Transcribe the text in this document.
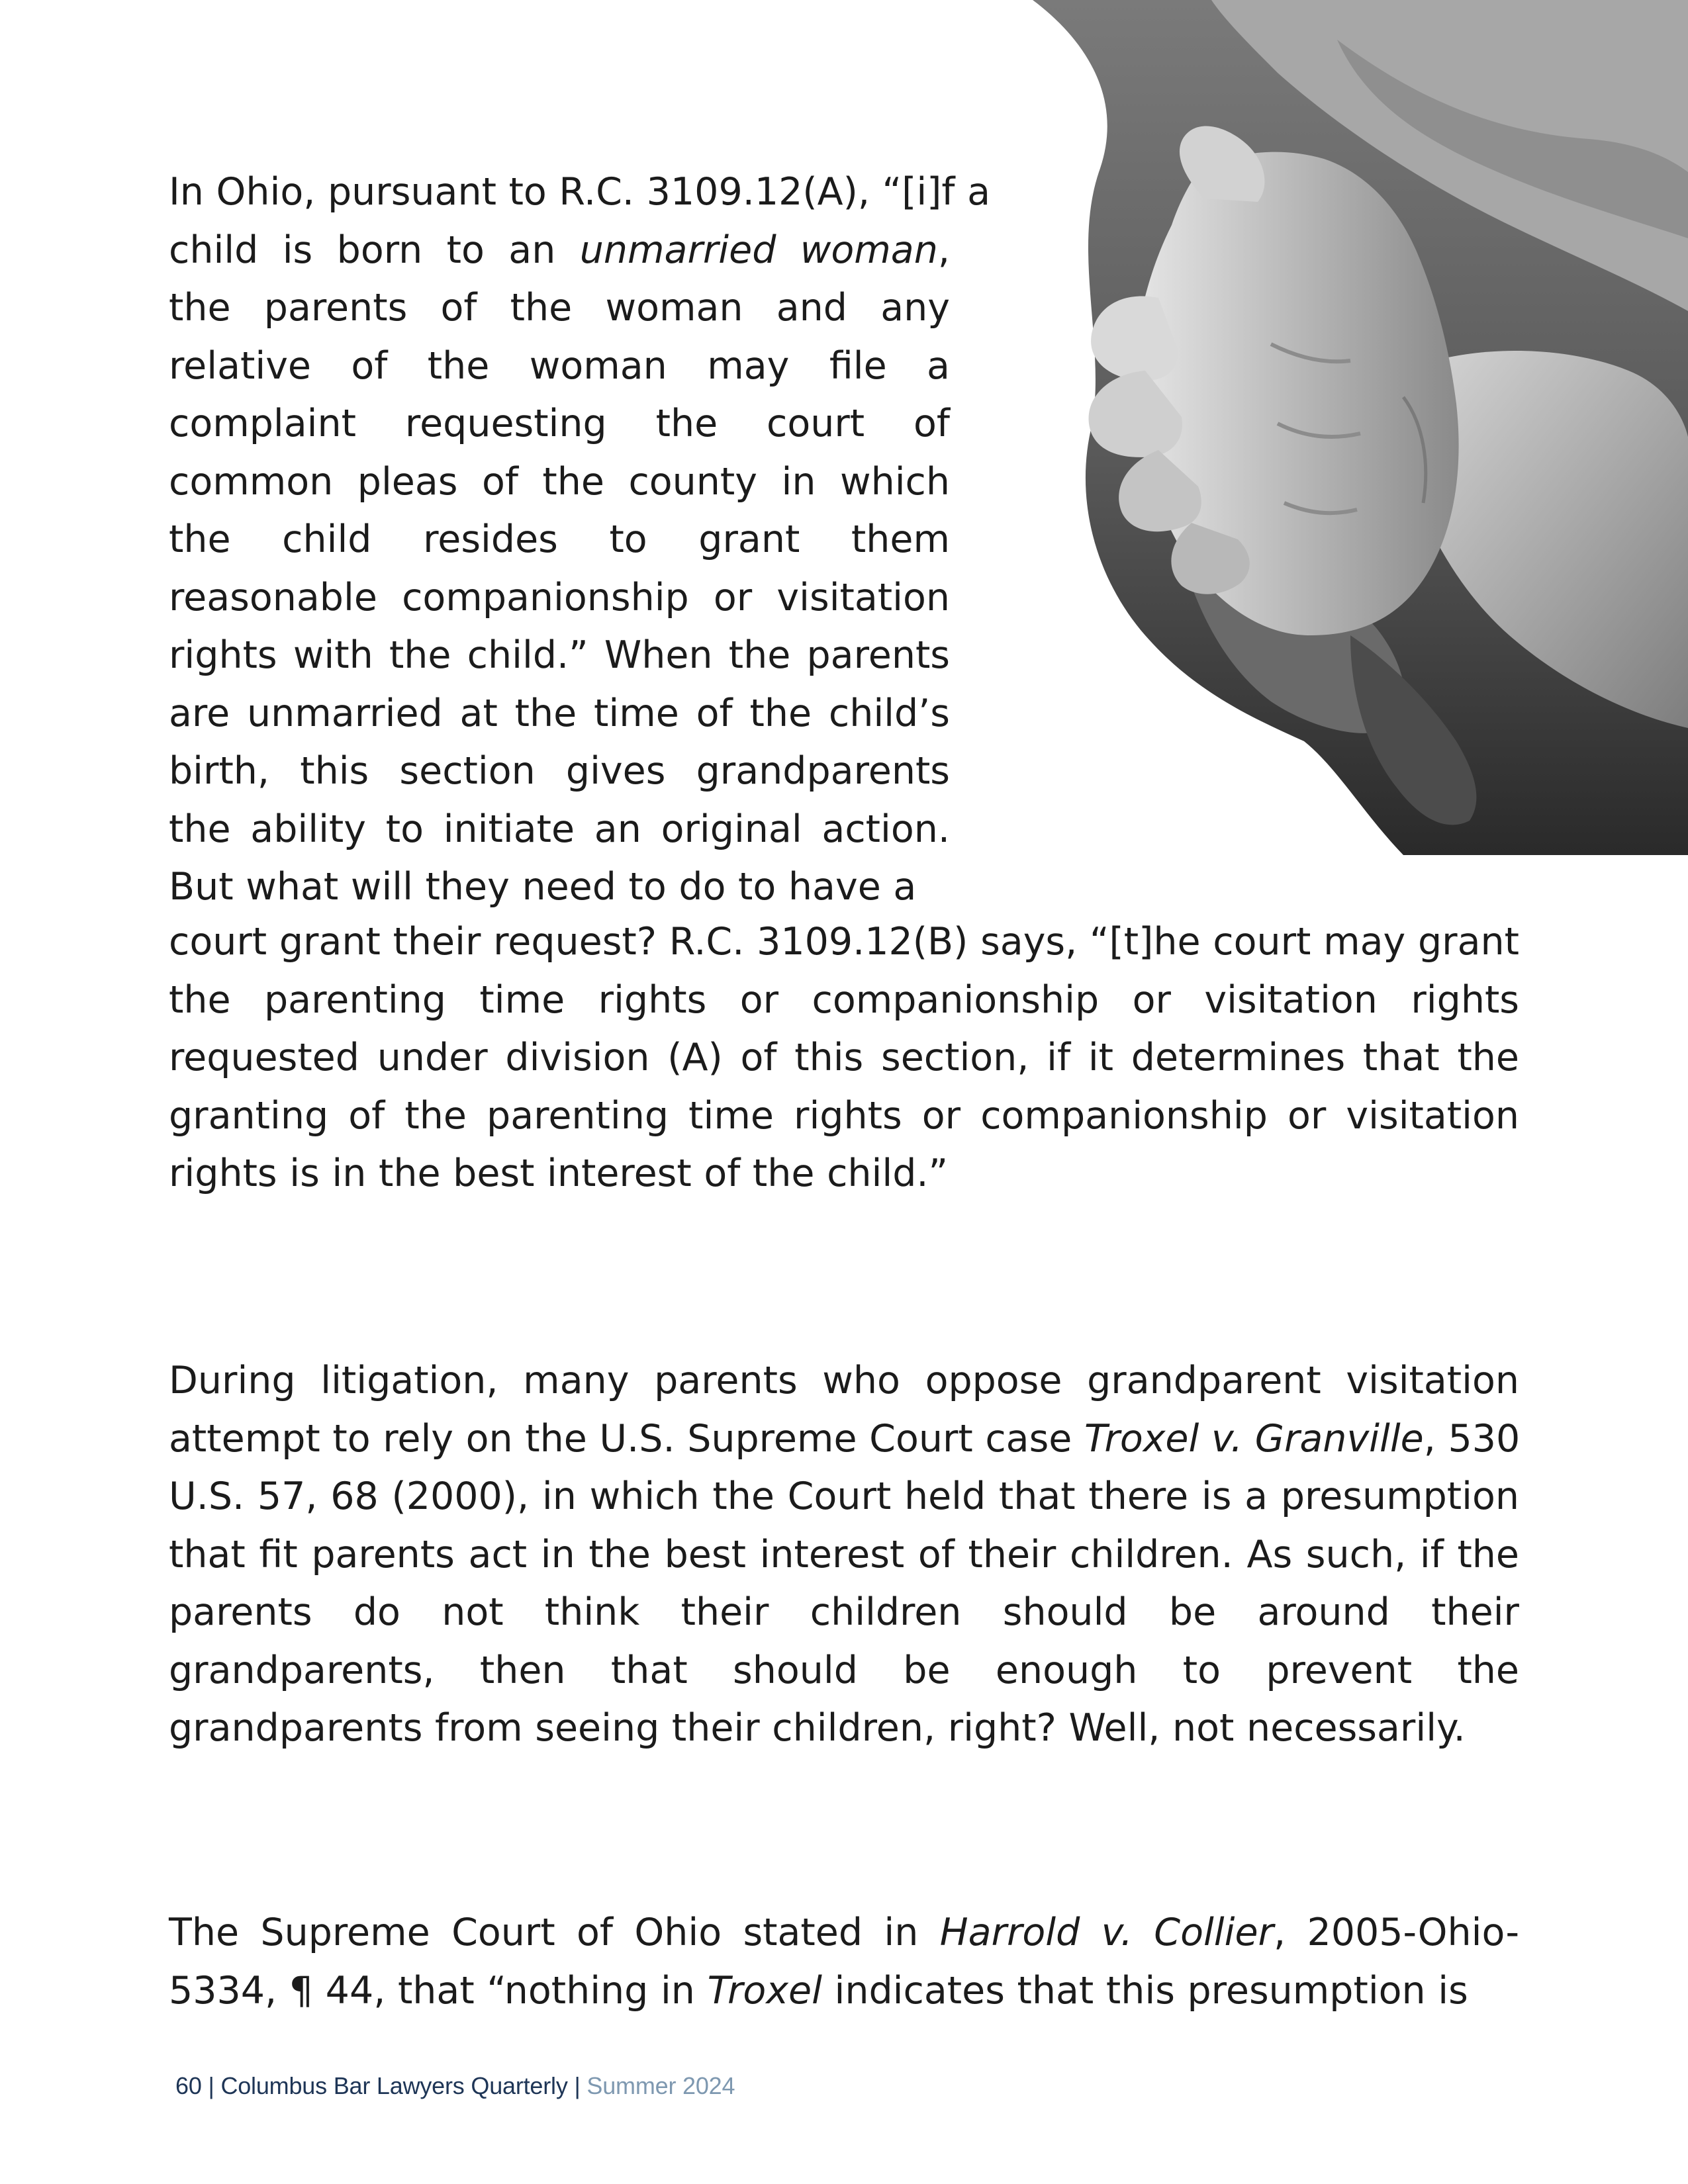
In Ohio, pursuant to R.C. 3109.12(A), “[i]f a
child is born to an unmarried woman,
the parents of the woman and any
relative of the woman may file a
complaint requesting the court of
common pleas of the county in which
the child resides to grant them
reasonable companionship or visitation
rights with the child.” When the parents
are unmarried at the time of the child’s
birth, this section gives grandparents
the ability to initiate an original action.
But what will they need to do to have a
court grant their request? R.C. 3109.12(B) says, “[t]he court may grant
the parenting time rights or companionship or visitation rights
requested under division (A) of this section, if it determines that the
granting of the parenting time rights or companionship or visitation
rights is in the best interest of the child.”
During litigation, many parents who oppose grandparent visitation
attempt to rely on the U.S. Supreme Court case Troxel v. Granville, 530
U.S. 57, 68 (2000), in which the Court held that there is a presumption
that fit parents act in the best interest of their children. As such, if the
parents do not think their children should be around their
grandparents, then that should be enough to prevent the
grandparents from seeing their children, right? Well, not necessarily.
The Supreme Court of Ohio stated in Harrold v. Collier, 2005-Ohio-
5334, ¶ 44, that “nothing in Troxel indicates that this presumption is
60 | Columbus Bar Lawyers Quarterly | Summer 2024
